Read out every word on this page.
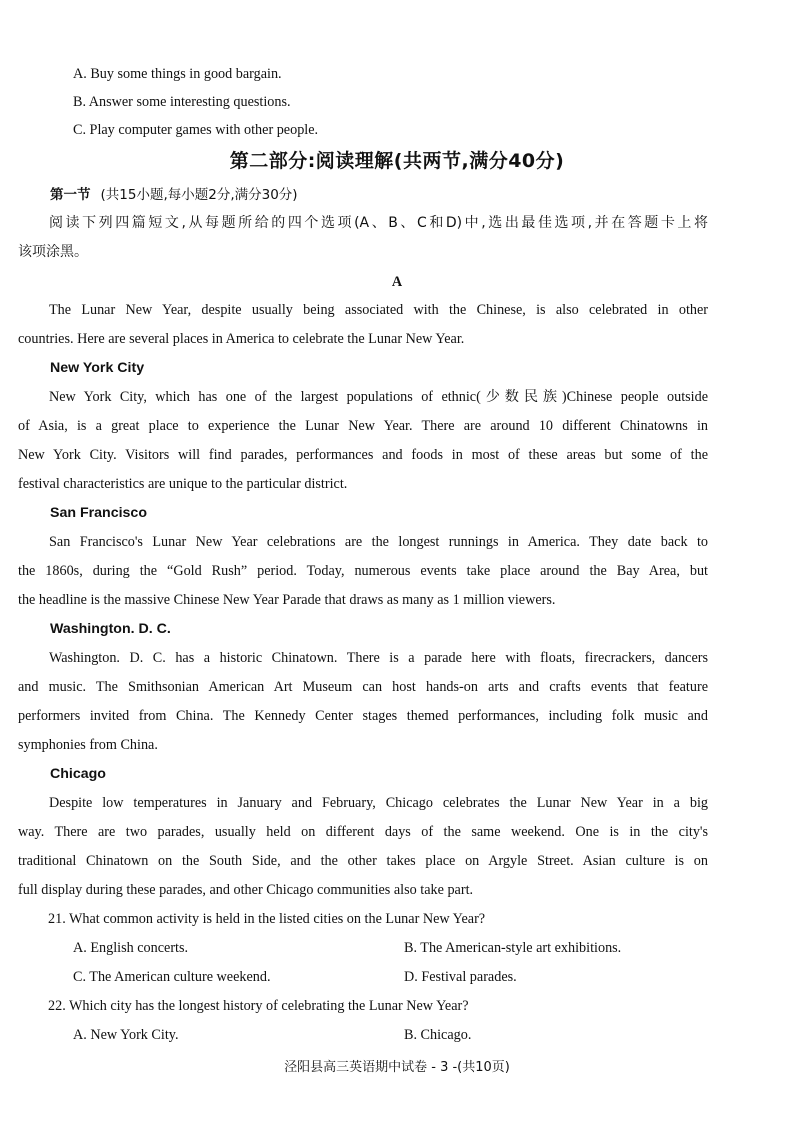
A. Buy some things in good bargain.
B. Answer some interesting questions.
C. Play computer games with other people.
第二部分:阅读理解(共两节,满分40分)
第一节 (共15小题,每小题2分,满分30分)
阅读下列四篇短文,从每题所给的四个选项(A、B、C和D)中,选出最佳选项,并在答题卡上将
该项涂黑。
A
The Lunar New Year, despite usually being associated with the Chinese, is also celebrated in other
countries. Here are several places in America to celebrate the Lunar New Year.
New York City
New York City, which has one of the largest populations of ethnic(少数民族)Chinese people outside
of Asia, is a great place to experience the Lunar New Year. There are around 10 different Chinatowns in
New York City. Visitors will find parades, performances and foods in most of these areas but some of the
festival characteristics are unique to the particular district.
San Francisco
San Francisco's Lunar New Year celebrations are the longest runnings in America. They date back to
the 1860s, during the “Gold Rush” period. Today, numerous events take place around the Bay Area, but
the headline is the massive Chinese New Year Parade that draws as many as 1 million viewers.
Washington. D. C.
Washington. D. C. has a historic Chinatown. There is a parade here with floats, firecrackers, dancers
and music. The Smithsonian American Art Museum can host hands-on arts and crafts events that feature
performers invited from China. The Kennedy Center stages themed performances, including folk music and
symphonies from China.
Chicago
Despite low temperatures in January and February, Chicago celebrates the Lunar New Year in a big
way. There are two parades, usually held on different days of the same weekend. One is in the city's
traditional Chinatown on the South Side, and the other takes place on Argyle Street. Asian culture is on
full display during these parades, and other Chicago communities also take part.
21. What common activity is held in the listed cities on the Lunar New Year?
A. English concerts.	B. The American-style art exhibitions.
C. The American culture weekend.	D. Festival parades.
22. Which city has the longest history of celebrating the Lunar New Year?
A. New York City.	B. Chicago.
泾阳县高三英语期中试卷 - 3 -(共10页)
